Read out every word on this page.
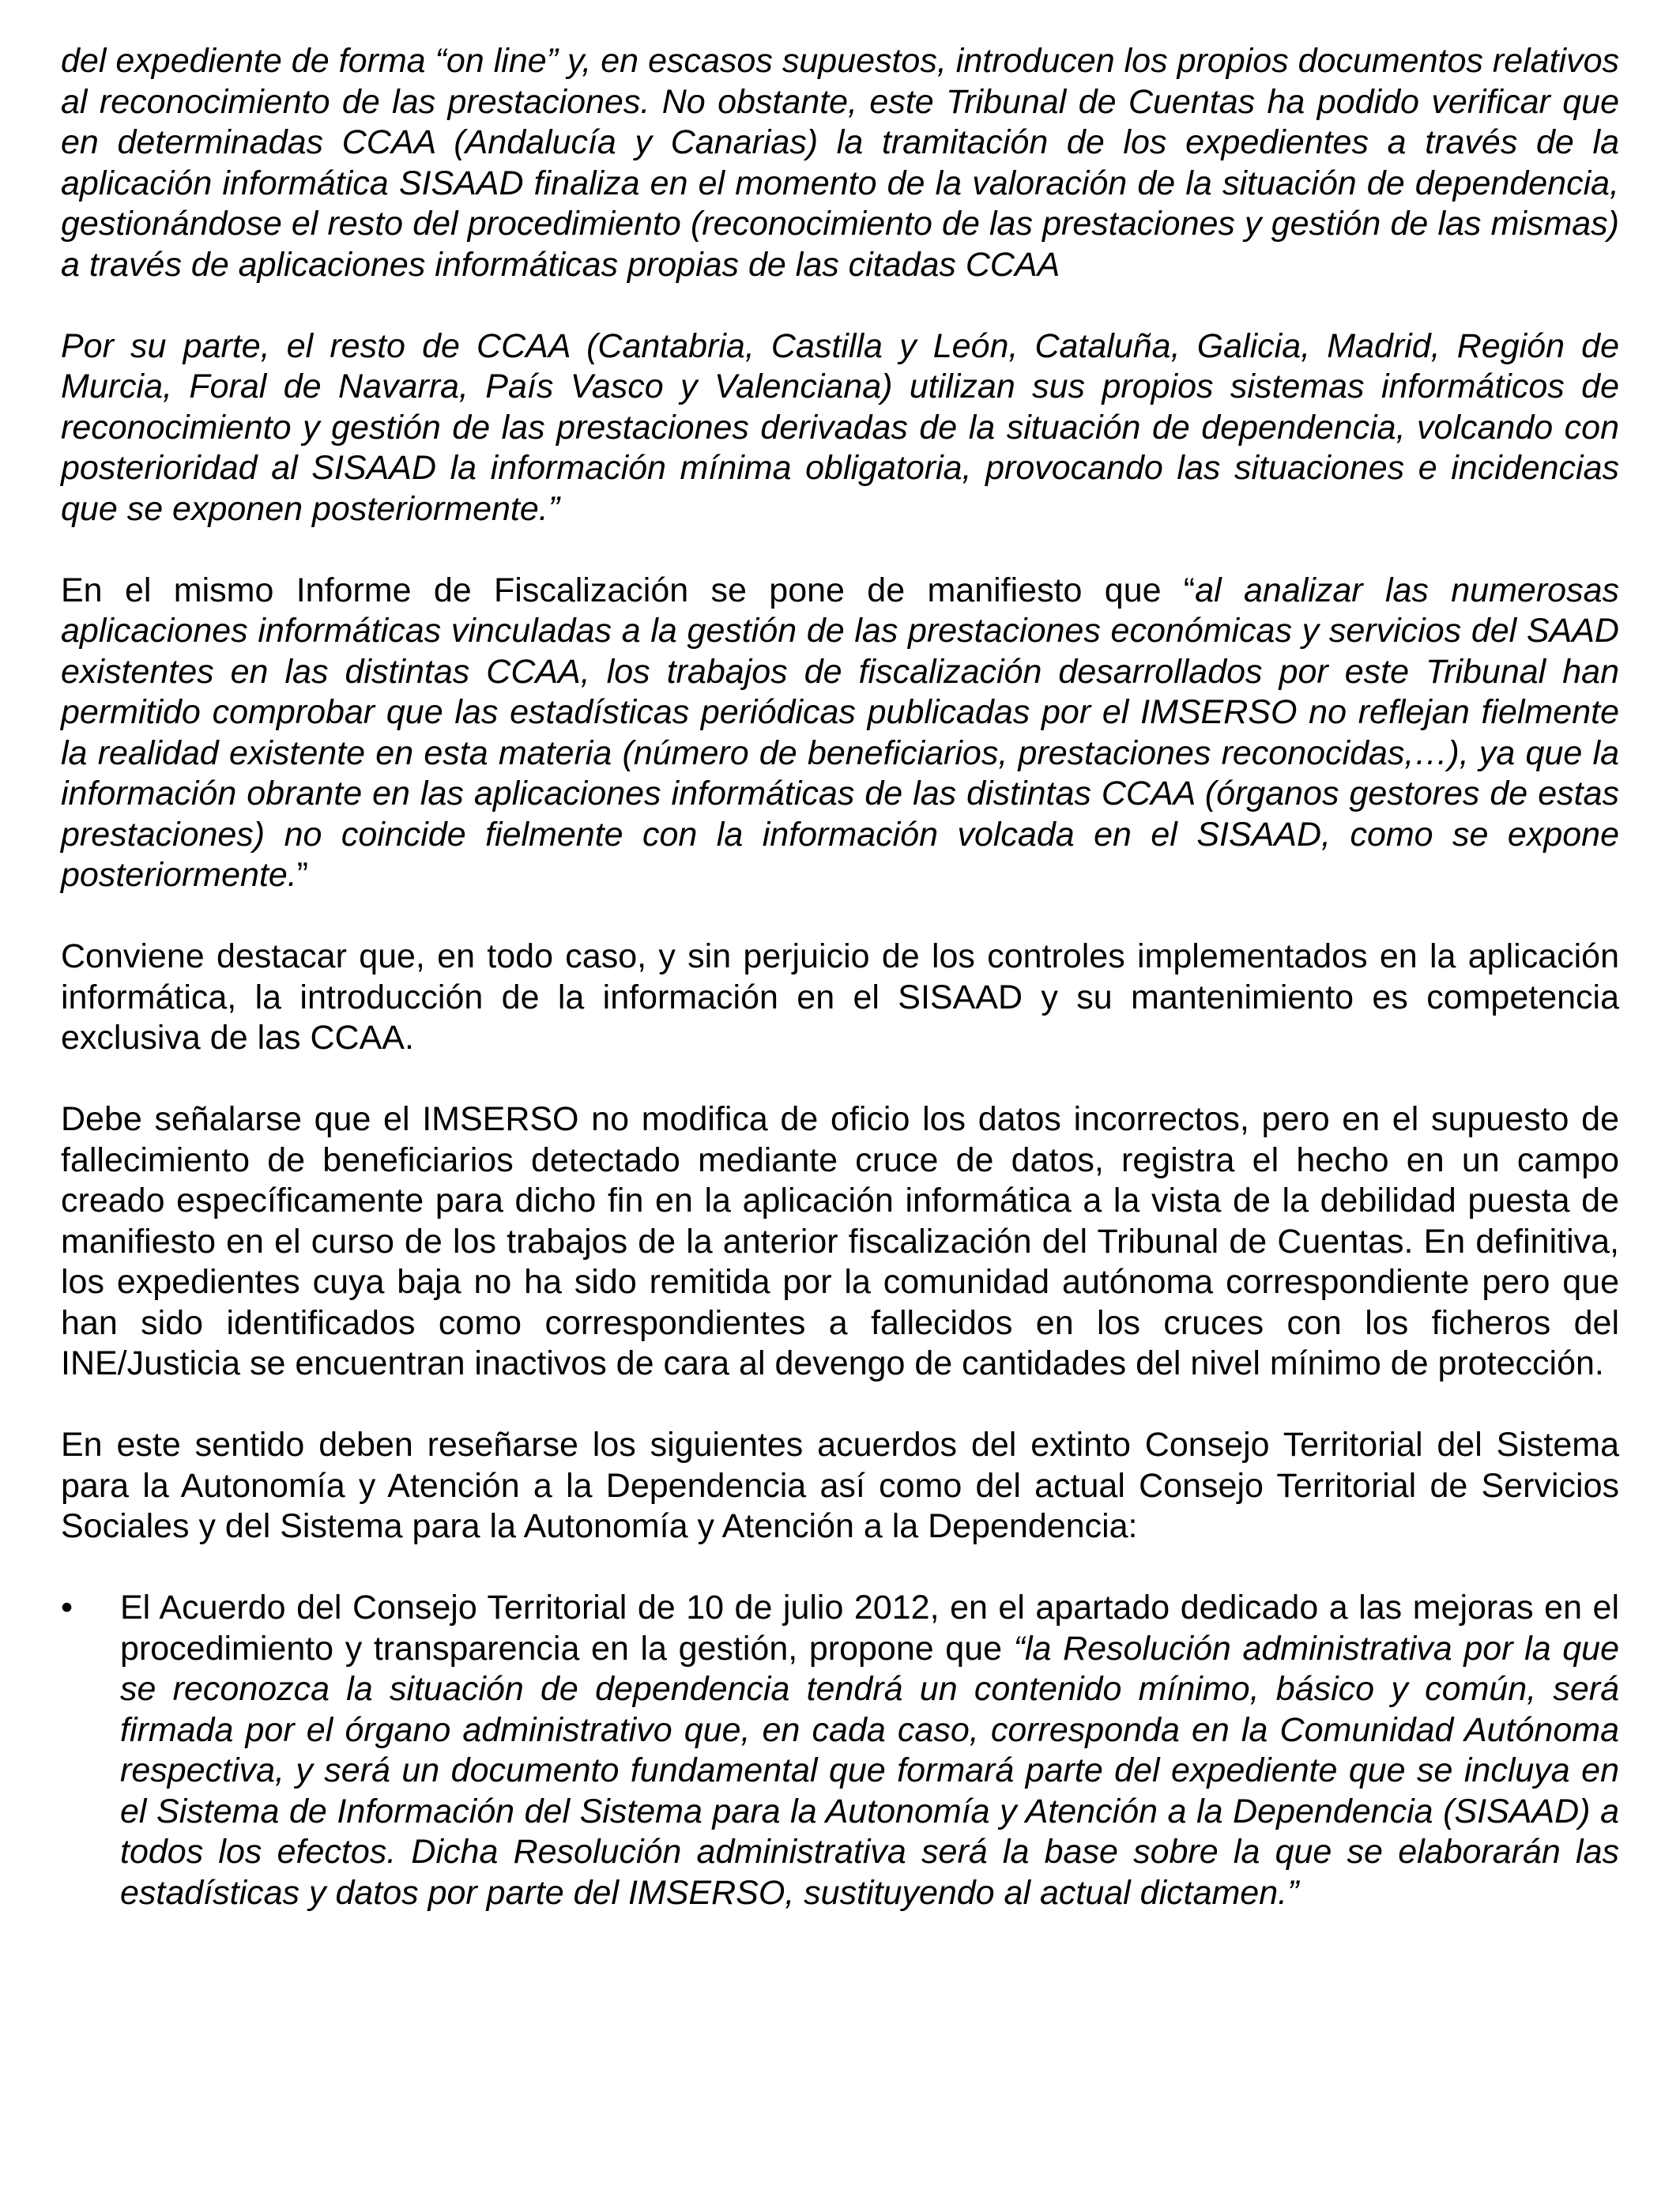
del expediente de forma “on line” y, en escasos supuestos, introducen los propios documentos relativos al reconocimiento de las prestaciones. No obstante, este Tribunal de Cuentas ha podido verificar que en determinadas CCAA (Andalucía y Canarias) la tramitación de los expedientes a través de la aplicación informática SISAAD finaliza en el momento de la valoración de la situación de dependencia, gestionándose el resto del procedimiento (reconocimiento de las prestaciones y gestión de las mismas) a través de aplicaciones informáticas propias de las citadas CCAA

Por su parte, el resto de CCAA (Cantabria, Castilla y León, Cataluña, Galicia, Madrid, Región de Murcia, Foral de Navarra, País Vasco y Valenciana) utilizan sus propios sistemas informáticos de reconocimiento y gestión de las prestaciones derivadas de la situación de dependencia, volcando con posterioridad al SISAAD la información mínima obligatoria, provocando las situaciones e incidencias que se exponen posteriormente.”

En el mismo Informe de Fiscalización se pone de manifiesto que “al analizar las numerosas aplicaciones informáticas vinculadas a la gestión de las prestaciones económicas y servicios del SAAD existentes en las distintas CCAA, los trabajos de fiscalización desarrollados por este Tribunal han permitido comprobar que las estadísticas periódicas publicadas por el IMSERSO no reflejan fielmente la realidad existente en esta materia (número de beneficiarios, prestaciones reconocidas,…), ya que la información obrante en las aplicaciones informáticas de las distintas CCAA (órganos gestores de estas prestaciones) no coincide fielmente con la información volcada en el SISAAD, como se expone posteriormente.”

Conviene destacar que, en todo caso, y sin perjuicio de los controles implementados en la aplicación informática, la introducción de la información en el SISAAD y su mantenimiento es competencia exclusiva de las CCAA.

Debe señalarse que el IMSERSO no modifica de oficio los datos incorrectos, pero en el supuesto de fallecimiento de beneficiarios detectado mediante cruce de datos, registra el hecho en un campo creado específicamente para dicho fin en la aplicación informática a la vista de la debilidad puesta de manifiesto en el curso de los trabajos de la anterior fiscalización del Tribunal de Cuentas. En definitiva, los expedientes cuya baja no ha sido remitida por la comunidad autónoma correspondiente pero que han sido identificados como correspondientes a fallecidos en los cruces con los ficheros del INE/Justicia se encuentran inactivos de cara al devengo de cantidades del nivel mínimo de protección.

En este sentido deben reseñarse los siguientes acuerdos del extinto Consejo Territorial del Sistema para la Autonomía y Atención a la Dependencia así como del actual Consejo Territorial de Servicios Sociales y del Sistema para la Autonomía y Atención a la Dependencia:

•	El Acuerdo del Consejo Territorial de 10 de julio 2012, en el apartado dedicado a las mejoras en el procedimiento y transparencia en la gestión, propone que “la Resolución administrativa por la que se reconozca la situación de dependencia tendrá un contenido mínimo, básico y común, será firmada por el órgano administrativo que, en cada caso, corresponda en la Comunidad Autónoma respectiva, y será un documento fundamental que formará parte del expediente que se incluya en el Sistema de Información del Sistema para la Autonomía y Atención a la Dependencia (SISAAD) a todos los efectos. Dicha Resolución administrativa será la base sobre la que se elaborarán las estadísticas y datos por parte del IMSERSO, sustituyendo al actual dictamen.”
